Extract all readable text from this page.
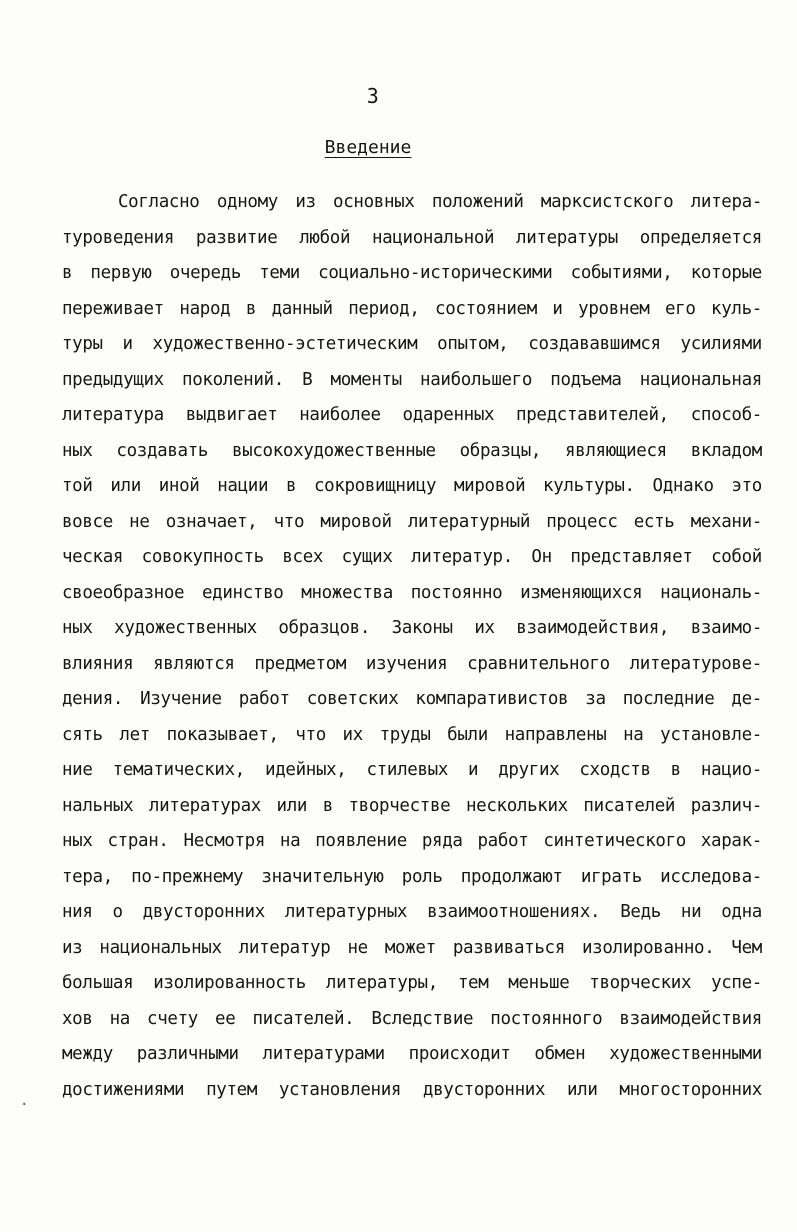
3
Введение
Согласно одному из основных положений марксистского литера-
туроведения развитие любой национальной литературы определяется
в первую очередь теми социально-историческими событиями, которые
переживает народ в данный период, состоянием и уровнем его куль-
туры и художественно-эстетическим опытом, создававшимся усилиями
предыдущих поколений. В моменты наибольшего подъема национальная
литература выдвигает наиболее одаренных представителей, способ-
ных создавать высокохудожественные образцы, являющиеся вкладом
той или иной нации в сокровищницу мировой культуры. Однако это
вовсе не означает, что мировой литературный процесс есть механи-
ческая совокупность всех сущих литератур. Он представляет собой
своеобразное единство множества постоянно изменяющихся националь-
ных художественных образцов. Законы их взаимодействия, взаимо-
влияния являются предметом изучения сравнительного литературове-
дения. Изучение работ советских компаративистов за последние де-
сять лет показывает, что их труды были направлены на установле-
ние тематических, идейных, стилевых и других сходств в нацио-
нальных литературах или в творчестве нескольких писателей различ-
ных стран. Несмотря на появление ряда работ синтетического харак-
тера, по-прежнему значительную роль продолжают играть исследова-
ния о двусторонних литературных взаимоотношениях. Ведь ни одна
из национальных литератур не может развиваться изолированно. Чем
большая изолированность литературы, тем меньше творческих успе-
хов на счету ее писателей. Вследствие постоянного взаимодействия
между различными литературами происходит обмен художественными
достижениями путем установления двусторонних или многосторонних
·
